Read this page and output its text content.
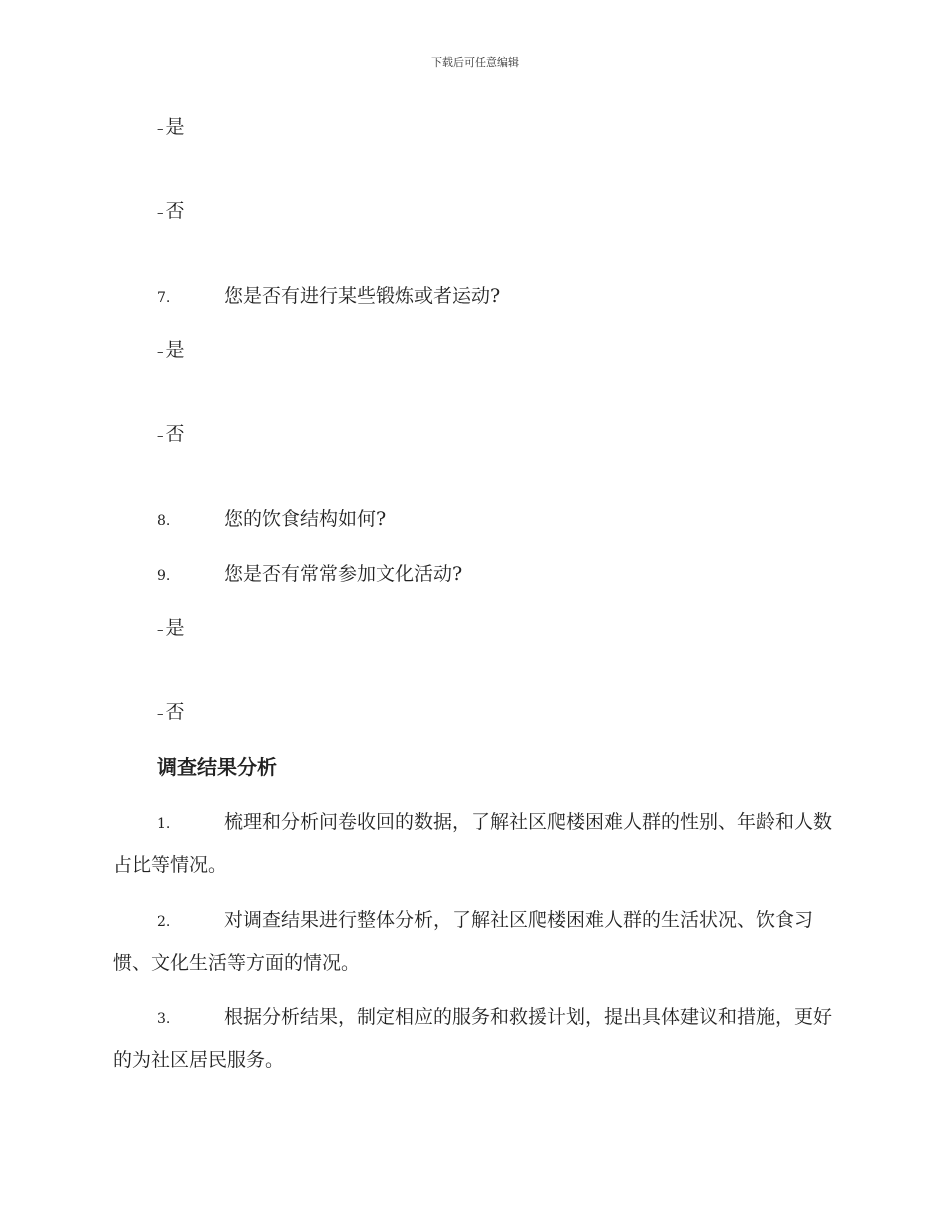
下载后可任意编辑
– 是
– 否
7.	您是否有进行某些锻炼或者运动?
– 是
– 否
8.	您的饮食结构如何?
9.	您是否有常常参加文化活动?
– 是
– 否
调查结果分析
1.	梳理和分析问卷收回的数据，了解社区爬楼困难人群的性别、年龄和人数占比等情况。
2.	对调查结果进行整体分析，了解社区爬楼困难人群的生活状况、饮食习惯、文化生活等方面的情况。
3.	根据分析结果，制定相应的服务和救援计划，提出具体建议和措施，更好的为社区居民服务。
